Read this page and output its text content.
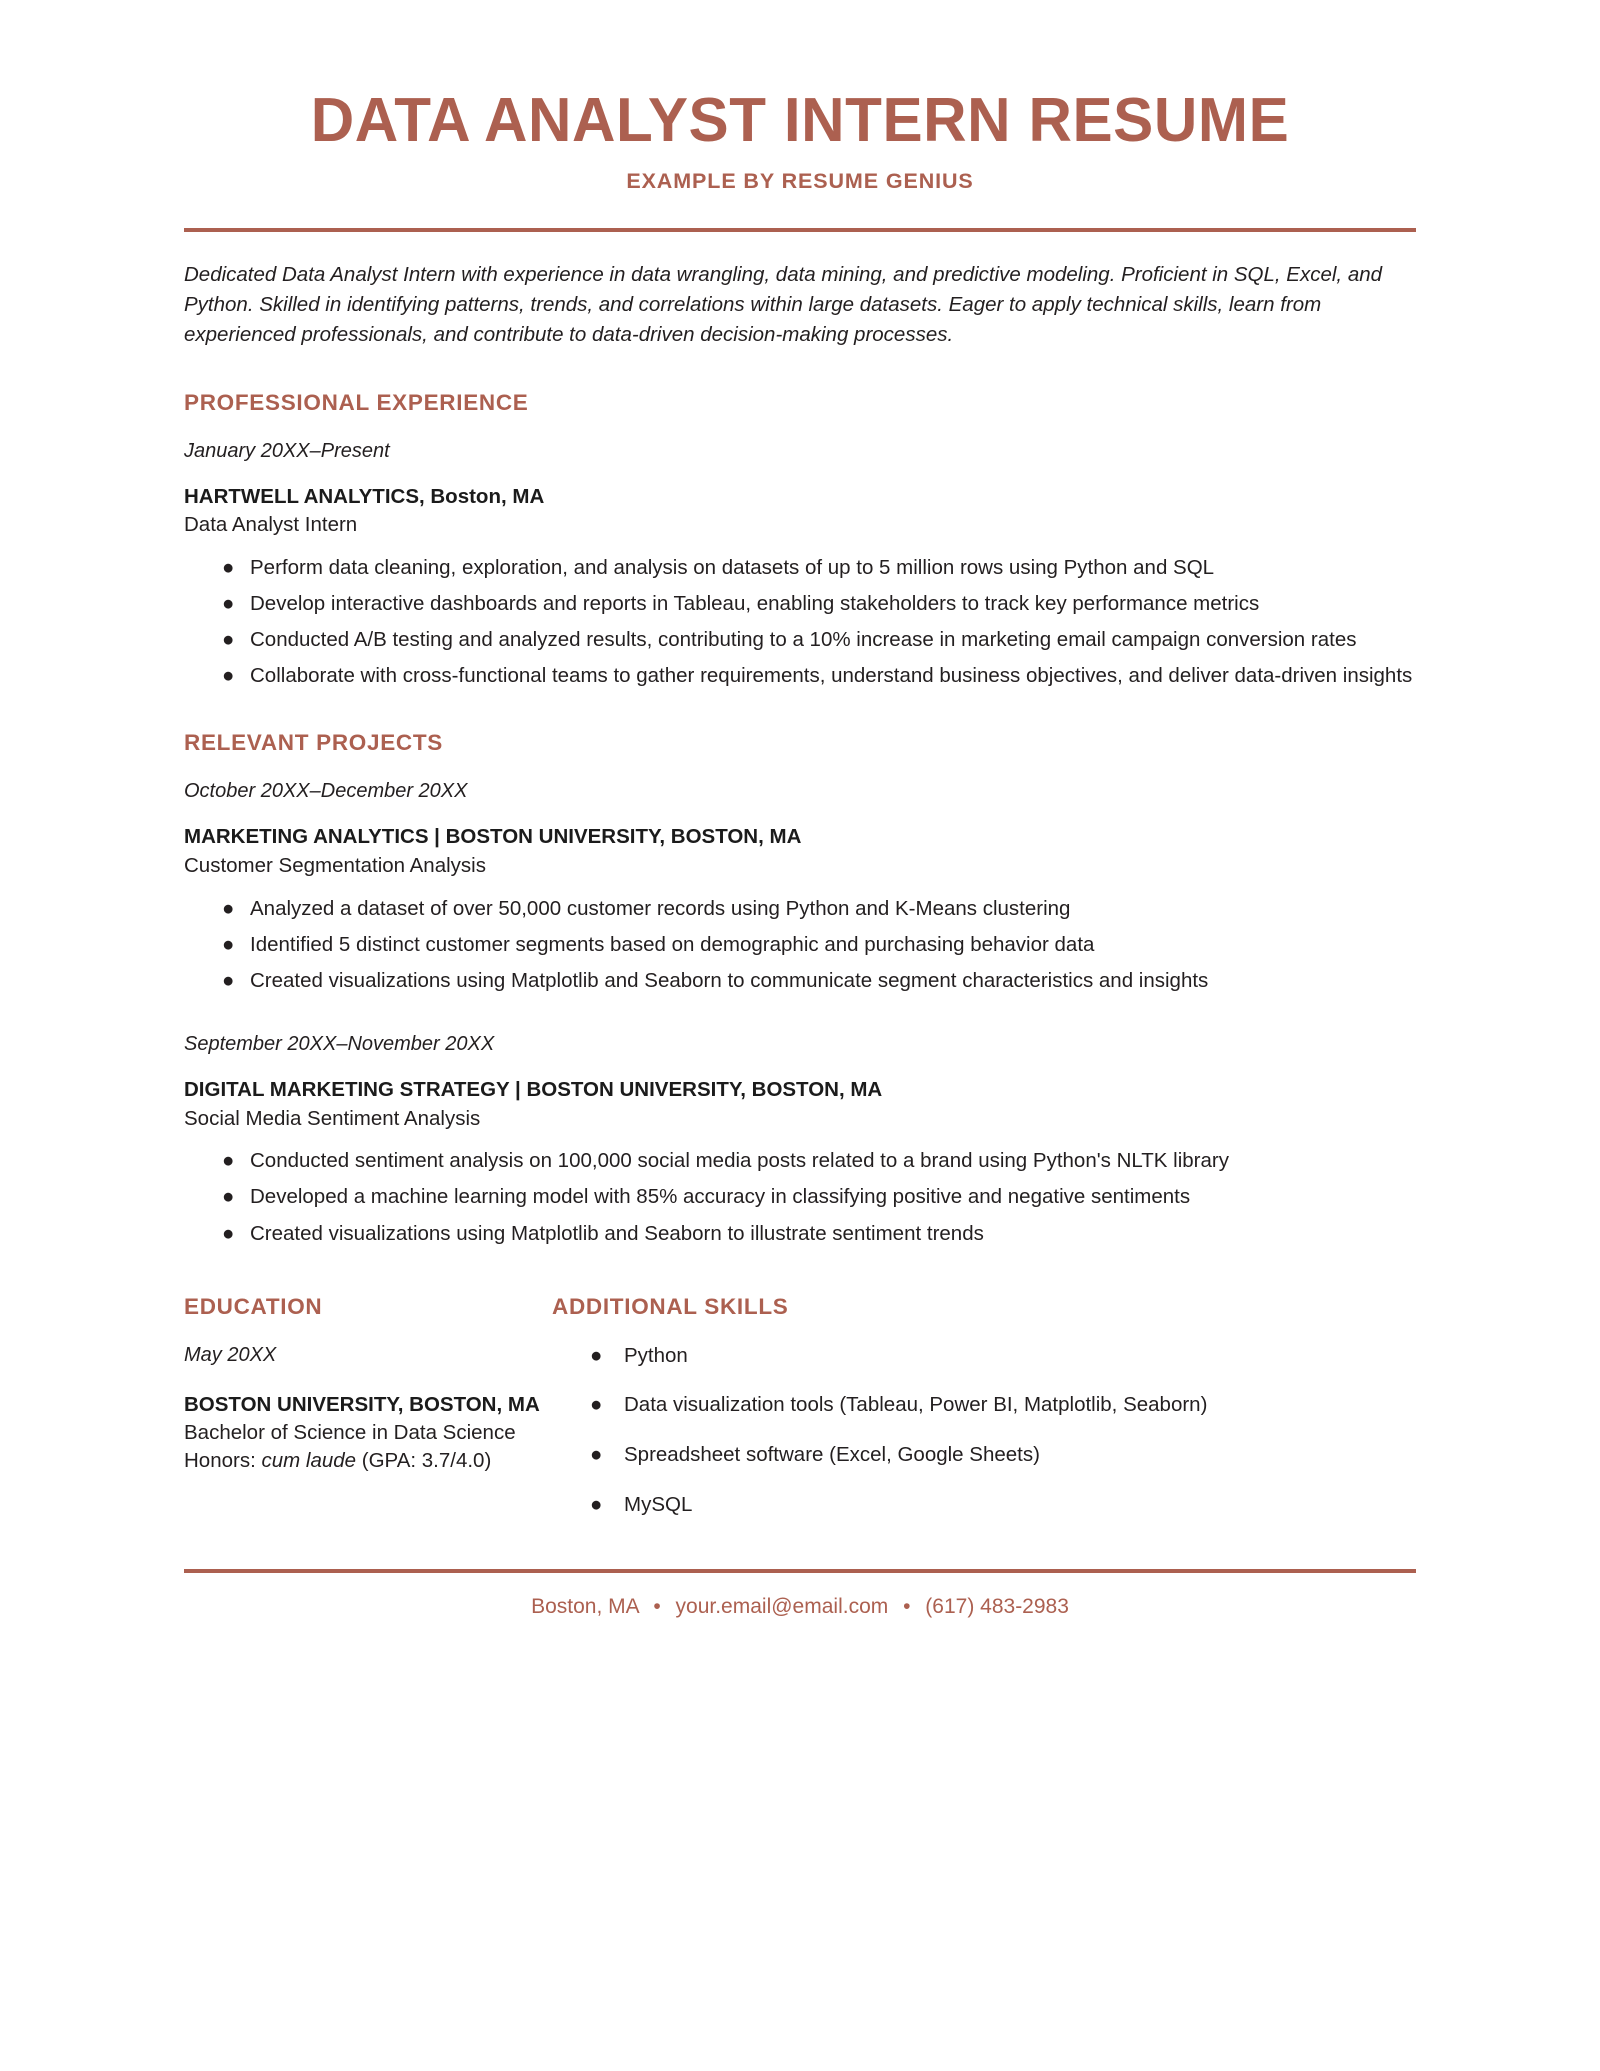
DATA ANALYST INTERN RESUME
EXAMPLE BY RESUME GENIUS

Dedicated Data Analyst Intern with experience in data wrangling, data mining, and predictive modeling. Proficient in SQL, Excel, and Python. Skilled in identifying patterns, trends, and correlations within large datasets. Eager to apply technical skills, learn from experienced professionals, and contribute to data-driven decision-making processes.

PROFESSIONAL EXPERIENCE
January 20XX–Present
HARTWELL ANALYTICS, Boston, MA
Data Analyst Intern
● Perform data cleaning, exploration, and analysis on datasets of up to 5 million rows using Python and SQL
● Develop interactive dashboards and reports in Tableau, enabling stakeholders to track key performance metrics
● Conducted A/B testing and analyzed results, contributing to a 10% increase in marketing email campaign conversion rates
● Collaborate with cross-functional teams to gather requirements, understand business objectives, and deliver data-driven insights
RELEVANT PROJECTS
October 20XX–December 20XX
MARKETING ANALYTICS | BOSTON UNIVERSITY, BOSTON, MA
Customer Segmentation Analysis
● Analyzed a dataset of over 50,000 customer records using Python and K-Means clustering
● Identified 5 distinct customer segments based on demographic and purchasing behavior data
● Created visualizations using Matplotlib and Seaborn to communicate segment characteristics and insights
September 20XX–November 20XX
DIGITAL MARKETING STRATEGY | BOSTON UNIVERSITY, BOSTON, MA
Social Media Sentiment Analysis
● Conducted sentiment analysis on 100,000 social media posts related to a brand using Python's NLTK library
● Developed a machine learning model with 85% accuracy in classifying positive and negative sentiments
● Created visualizations using Matplotlib and Seaborn to illustrate sentiment trends
EDUCATION
May 20XX
BOSTON UNIVERSITY, BOSTON, MA
Bachelor of Science in Data Science
Honors: cum laude (GPA: 3.7/4.0)
ADDITIONAL SKILLS
● Python
● Data visualization tools (Tableau, Power BI, Matplotlib, Seaborn)
● Spreadsheet software (Excel, Google Sheets)
● MySQL
Boston, MA • your.email@email.com • (617) 483-2983
